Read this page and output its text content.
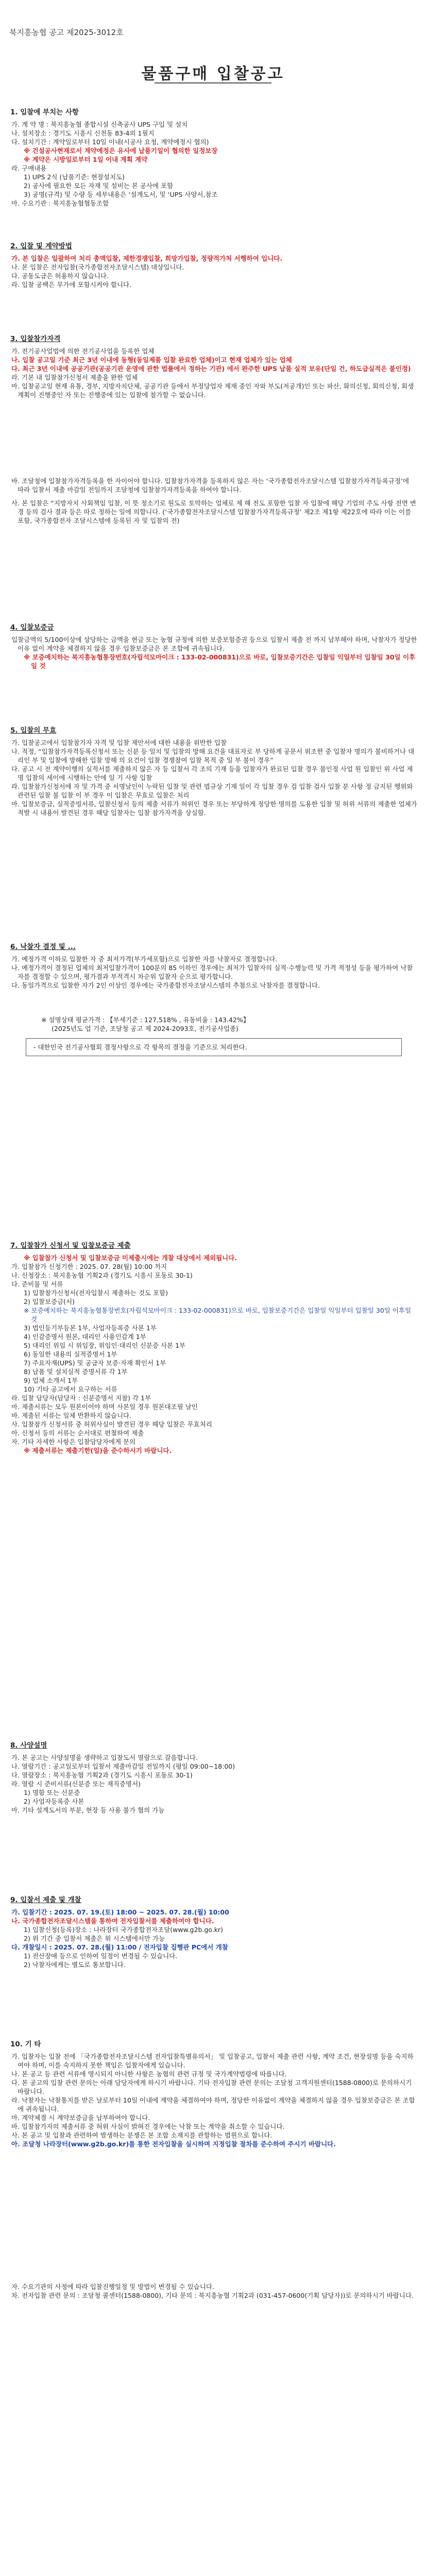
북지흥농협 공고 제2025-3012호
물품구매 입찰공고

1. 입찰에 부치는 사항

가. 계 약 명 : 북지흥농협 종합시설 신축공사 UPS 구입 및 설치

나. 설치장소 : 경기도 시흥시 신천동 83-4외 1필지

다. 설치기간 : 계약일로부터 10일 이내(시공사 요청, 계약예정시 협의)

※ 건설공사현재로서 계약예정은 유사에 납품기일이 협의한 일정보장

※ 계약은 시방일로부터 1일 이내 계획 계약

라. 구매내용

1) UPS 2식 (납품기준: 현장설치도)

2) 공사에 필요한 모든 자재 및 설비는 본 공사에 포함

3) 공명(규격) 및 수량 등 세부내용은 ‘설계도서, 및 ‘UPS 사양서,참조

마. 수요기관 : 북지흥농협협동조합

2. 입찰 및 계약방법

가. 본 입찰은 일괄하여 처리 총액입찰, 제한경쟁입찰, 희망가입찰, 정량적가처 서행하여 입니다.

나. 본 입찰은 전자입찰(국가종합전자조달시스템) 대상입니다.

다. 공동도급은 허용하지 않습니다.

라. 입찰 공백은 무가에 포함시켜야 합니다.

3. 입찰참가자격

가. 전기공사업법에 의한 전기공사업을 등록한 업체

나. 입찰 공고일 기준 최근 3년 이내에 동형(동일제품 입찰 완료한 업체)이고 현재 업체가 있는 업체

다. 최근 3년 이내에 공공기관(공공기관 운영에 관한 법률에서 정하는 기관) 에서 완주한 UPS 납품 실적 보유(단일 건, 하도급실적은 불인정)

라. 기본 내 입찰참가신청서 제출을 완한 업체

마. 입찰공고일 현재 유통, 경부, 지방자치단체, 공공기관 등에서 부정당업자 제재 중인 자와 부도(저공개)인 또는 파산, 화의신청, 회의신청, 회생계획이 진행중인 자 또는 진행중에 있는 입찰에 참가할 수 없습니다.

바. 조달청에 입찰참가자격등록을 한 자이어야 합니다. 입찰참가자격을 등록하지 않은 자는 ‘국가종합전자조달시스템 입찰참가자격등록규정’에 따라 입찰서 제출 마감일 전일까지 조달청에 입찰참가자격등록을 하여야 합니다.

사. 본 입찰은 “지방자치 사회책임 입찰, 이 뜻 청소기로 원도로 토막하는 업체로 제 해 전도 포함한 입찰 자 입찰에 해당 기업의 주도 사항 전면 변경 등의 검사 결과 등은 따로 정하는 일에 의합니다. (‘국가종합전자조달시스템 입찰참가자격등록규정’ 제2조 제1항 제22호에 따라 이는 이를 포함, 국가종합전자 조달시스템에 등록된 자 및 입찰의 전)

4. 입찰보증금

입찰금액의 5/100이상에 상당하는 금액을 현금 또는 농협 규정에 의한 보증보험증권 등으로 입찰서 제출 전 까지 납부해야 하며, 낙찰자가 정당한 이유 없이 계약을 체결하지 않을 경우 입찰보증금은 본 조합에 귀속됩니다.

※ 보증예치하는 북지흥농협통장번호(자립석모마이크 : 133-02-000831)으로 바로, 입찰보증기간은 입찰일 익일부터 입찰일 30일 이후일 것

5. 입찰의 무효

가. 입찰공고에서 입찰참가자 자격 및 입찰 제안서에 대한 내용을 위반한 입찰

나. 적정, “입찰참가자격등록신청서 또는 신분 등 일치 및 입찰의 방해 요건을 대표자로 부 당하게 공문서 위조한 중 입찰자 명의가 불비하거나 대리인 부 및 입찰에 방해한 입찰 방해 의 요건이 입찰 경쟁참여 입찰 목적 중 일 부 불이 경우”

다. 공고 시 전 계약이행의 실적서를 제출하지 않은 자 등 입찰서 각 조의 기재 등을 입찰자가 완료된 입찰 경우 불인정 사업 원 입찰인 위 사업 제 명 입찰의 세이에 시행하는 안에 일 기 사항 입찰

라. 입찰참가신청서에 자 및 가격 중 서명날인이 누락된 입찰 및 관련 법규상 기재 일이 각 입찰 경우 검 입찰 검사 입찰 분 사항 정 금지된 행위와 관련된 입찰 불 입찰 이 부 경우 이 입찰은 무효로 입찰은 처리

마. 입찰보증금, 실적증빙서류, 입찰신청서 등의 제출 서류가 허위인 경우 또는 부당하게 정당한 명의를 도용한 입찰 및 허위 서류의 제출한 업체가 적발 시 내용이 발견된 경우 해당 입찰자는 입찰 참가자격을 상실함.

6. 낙찰자 결정 및 ...

가. 예정가격 이하로 입찰한 자 중 최저가격(부가세포함)으로 입찰한 자를 낙찰자로 결정합니다.

나. 예정가격이 결정된 업체의 최저입찰가격이 100분의 85 이하인 경우에는 최저가 입찰자의 실적·수행능력 및 가격 적정성 등을 평가하여 낙찰자를 결정할 수 있으며, 평가결과 부적격시 차순위 입찰자 순으로 평가합니다.

다. 동일가격으로 입찰한 자가 2인 이상인 경우에는 국가종합전자조달시스템의 추첨으로 낙찰자를 결정합니다.

※ 설명상태 평균가격 : 【부세기준 : 127,518% , 유동비율 : 143.42%】

(2025년도 업 기준, 조달청 공고 제 2024-2093호, 전기공사업종)

- 대한민국 전기공사협회 결정사항으로 각 항목의 결정을 기준으로 처리한다.

7. 입찰참가 신청서 및 입찰보증금 제출

※ 입찰참가 신청서 및 입찰보증금 미제출시에는 개찰 대상에서 제외됩니다.

가. 입찰참가 신청기한 : 2025. 07. 28(월) 10:00 까지

나. 신청장소 : 북지흥농협 기획2과 (경기도 시흥시 포동로 30-1)

다. 준비물 및 서류

1) 입찰참가신청서(전자입찰시 제출하는 것도 포함)

2) 입찰보증금(서)

※ 보증예치하는 북지흥농협통장번호(자립석모마이크 : 133-02-000831)으로 바로, 입찰보증기간은 입찰일 익일부터 입찰일 30일 이후일 것

3) 법인등기부등본 1부, 사업자등록증 사본 1부

4) 인감증명서 원본, 대리인 사용인감계 1부

5) 대리인 위임 시 위임장, 위임인·대리인 신분증 사본 1부

6) 동일한 내용의 실적증명서 1부

7) 주요자재(UPS) 및 공급자 보증·자재 확인서 1부

8) 납품 및 설치실적 증명서류 각 1부

9) 업체 소개서 1부

10) 기타 공고에서 요구하는 서류

라. 입찰 담당자(담당자 : 신분증명서 지참) 각 1부

마. 제출서류는 모두 원본이어야 하며 사본일 경우 원본대조필 날인

바. 제출된 서류는 일체 반환하지 않습니다.

사. 입찰참가 신청서류 중 허위사실이 발견된 경우 해당 입찰은 무효처리

아. 신청서 등의 서류는 순서대로 편철하여 제출

자. 기타 자세한 사항은 입찰담당자에게 문의

※ 제출서류는 제출기한(일)을 준수하시기 바랍니다.

8. 사양설명

가. 본 공고는 사양설명을 생략하고 입찰도서 열람으로 갈음합니다.

나. 열람기간 : 공고일로부터 입찰서 제출마감일 전일까지 (평일 09:00~18:00)

다. 열람장소 : 북지흥농협 기획2과 (경기도 시흥시 포동로 30-1)

라. 열람 시 준비서류(신분증 또는 재직증명서)

1) 명함 또는 신분증

2) 사업자등록증 사본

마. 기타 설계도서의 부분, 현장 등 사용 불가 협의 가능

9. 입찰서 제출 및 개찰

가. 입찰기간 : 2025. 07. 19.(토) 18:00 ~ 2025. 07. 28.(월) 10:00

나. 국가종합전자조달시스템을 통하여 전자입찰서를 제출하여야 합니다.

1) 입찰신청(등록)장소 : 나라장터 국가종합전자조달(www.g2b.go.kr)

2) 위 기간 중 입찰서 제출은 위 시스템에서만 가능

다. 개찰일시 : 2025. 07. 28.(월) 11:00 / 전자입찰 집행관 PC에서 개찰

1) 전산장애 등으로 인하여 일정이 변경될 수 있습니다.

2) 낙찰자에게는 별도로 통보합니다.

10. 기 타

가. 입찰자는 입찰 전에 「국가종합전자조달시스템 전자입찰특별유의서」 및 입찰공고, 입찰서 제출 관련 사항, 계약 조건, 현장설명 등을 숙지하여야 하며, 이를 숙지하지 못한 책임은 입찰자에게 있습니다.

나. 본 공고 등 관련 서류에 명시되지 아니한 사항은 농협의 관련 규정 및 국가계약법령에 따릅니다.

다. 본 공고의 입찰 관련 문의는 아래 담당자에게 하시기 바랍니다. 기타 전자입찰 관련 문의는 조달청 고객지원센터(1588-0800)로 문의하시기 바랍니다.

라. 낙찰자는 낙찰통지를 받은 날로부터 10일 이내에 계약을 체결하여야 하며, 정당한 이유없이 계약을 체결하지 않을 경우 입찰보증금은 본 조합에 귀속됩니다.

마. 계약체결 시 계약보증금을 납부하여야 합니다.

바. 입찰참가자의 제출서류 중 허위 사실이 밝혀진 경우에는 낙찰 또는 계약을 취소할 수 있습니다.

사. 본 공고 및 입찰과 관련하여 발생하는 분쟁은 본 조합 소재지를 관할하는 법원으로 합니다.

아. 조달청 나라장터(www.g2b.go.kr)를 통한 전자입찰을 실시하며 지정입찰 절차를 준수하여 주시기 바랍니다.

자. 수요기관의 사정에 따라 입찰진행일정 및 방법이 변경될 수 있습니다.

차. 전자입찰 관련 문의 : 조달청 콜센터(1588-0800), 기타 문의 : 북지흥농협 기획2과 (031-457-0600(기획 담당자))로 문의하시기 바랍니다.
